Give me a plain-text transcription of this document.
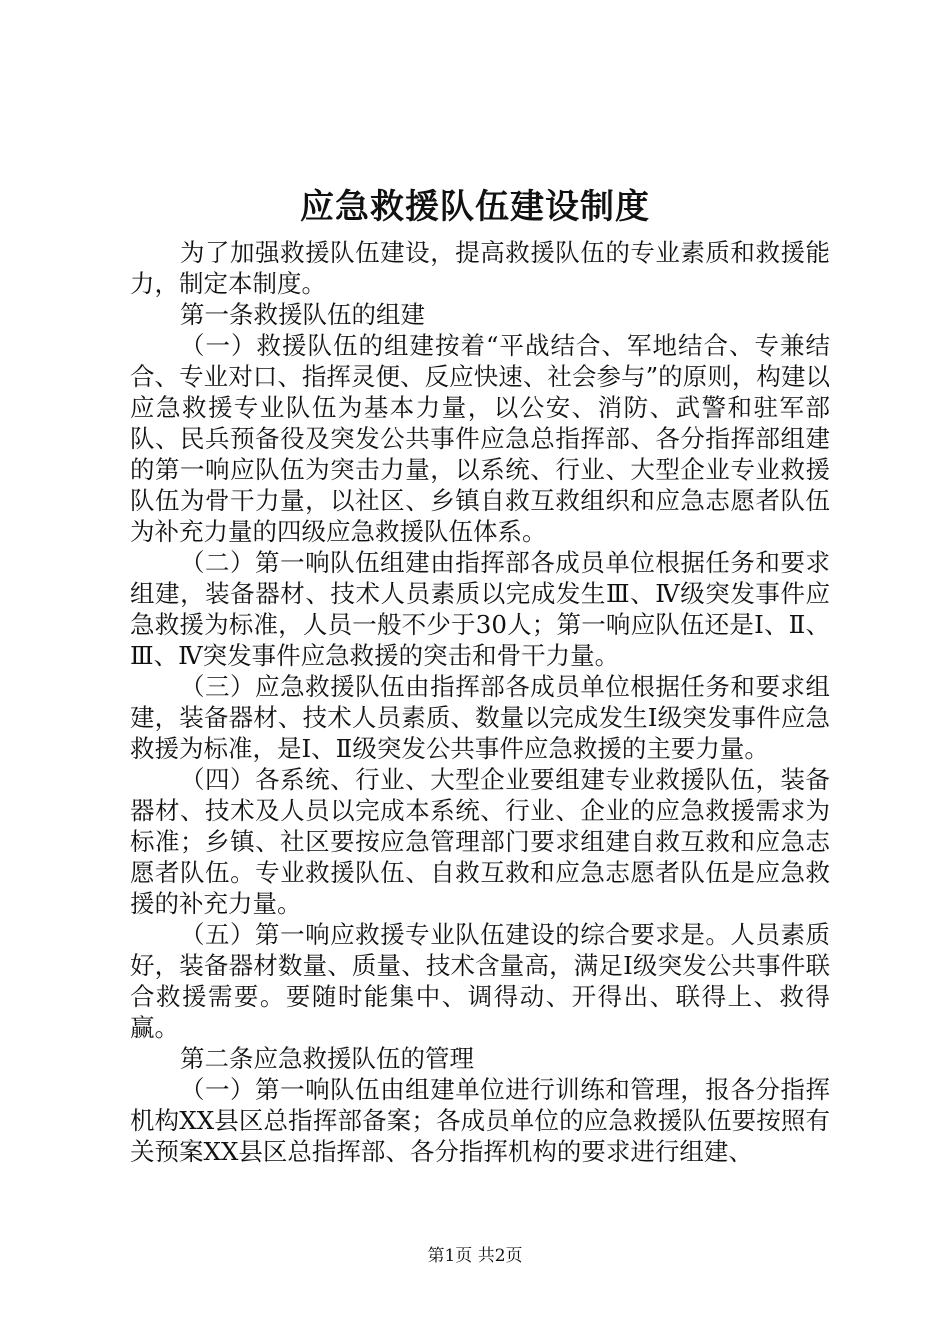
应急救援队伍建设制度

为了加强救援队伍建设，提高救援队伍的专业素质和救援能力，制定本制度。

第一条救援队伍的组建

（一）救援队伍的组建按着“平战结合、军地结合、专兼结合、专业对口、指挥灵便、反应快速、社会参与”的原则，构建以应急救援专业队伍为基本力量，以公安、消防、武警和驻军部队、民兵预备役及突发公共事件应急总指挥部、各分指挥部组建的第一响应队伍为突击力量，以系统、行业、大型企业专业救援队伍为骨干力量，以社区、乡镇自救互救组织和应急志愿者队伍为补充力量的四级应急救援队伍体系。

（二）第一响队伍组建由指挥部各成员单位根据任务和要求组建，装备器材、技术人员素质以完成发生Ⅲ、Ⅳ级突发事件应急救援为标准，人员一般不少于30人；第一响应队伍还是Ⅰ、Ⅱ、Ⅲ、Ⅳ突发事件应急救援的突击和骨干力量。

（三）应急救援队伍由指挥部各成员单位根据任务和要求组建，装备器材、技术人员素质、数量以完成发生Ⅰ级突发事件应急救援为标准，是Ⅰ、Ⅱ级突发公共事件应急救援的主要力量。

（四）各系统、行业、大型企业要组建专业救援队伍，装备器材、技术及人员以完成本系统、行业、企业的应急救援需求为标准；乡镇、社区要按应急管理部门要求组建自救互救和应急志愿者队伍。专业救援队伍、自救互救和应急志愿者队伍是应急救援的补充力量。

（五）第一响应救援专业队伍建设的综合要求是。人员素质好，装备器材数量、质量、技术含量高，满足Ⅰ级突发公共事件联合救援需要。要随时能集中、调得动、开得出、联得上、救得赢。

第二条应急救援队伍的管理

（一）第一响队伍由组建单位进行训练和管理，报各分指挥机构XX县区总指挥部备案；各成员单位的应急救援队伍要按照有关预案XX县区总指挥部、各分指挥机构的要求进行组建、

第1页 共2页
